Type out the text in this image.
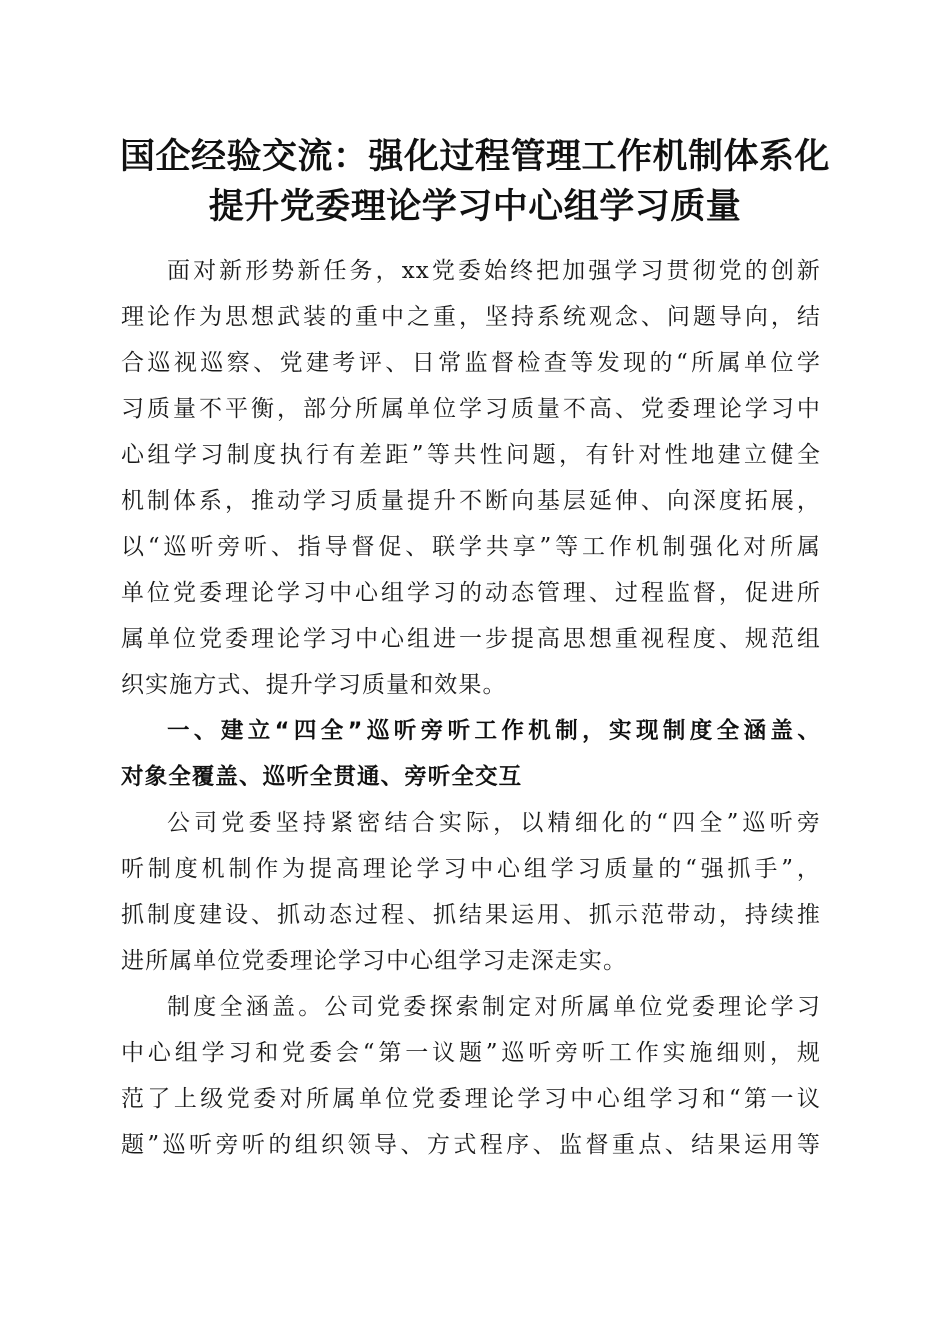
国企经验交流：强化过程管理工作机制体系化
提升党委理论学习中心组学习质量

面对新形势新任务，xx党委始终把加强学习贯彻党的创新
理论作为思想武装的重中之重，坚持系统观念、问题导向，结
合巡视巡察、党建考评、日常监督检查等发现的“所属单位学
习质量不平衡，部分所属单位学习质量不高、党委理论学习中
心组学习制度执行有差距”等共性问题，有针对性地建立健全
机制体系，推动学习质量提升不断向基层延伸、向深度拓展，
以“巡听旁听、指导督促、联学共享”等工作机制强化对所属
单位党委理论学习中心组学习的动态管理、过程监督，促进所
属单位党委理论学习中心组进一步提高思想重视程度、规范组
织实施方式、提升学习质量和效果。

一、建立“四全”巡听旁听工作机制，实现制度全涵盖、
对象全覆盖、巡听全贯通、旁听全交互

公司党委坚持紧密结合实际，以精细化的“四全”巡听旁
听制度机制作为提高理论学习中心组学习质量的“强抓手”，
抓制度建设、抓动态过程、抓结果运用、抓示范带动，持续推
进所属单位党委理论学习中心组学习走深走实。

制度全涵盖。公司党委探索制定对所属单位党委理论学习
中心组学习和党委会“第一议题”巡听旁听工作实施细则，规
范了上级党委对所属单位党委理论学习中心组学习和“第一议
题”巡听旁听的组织领导、方式程序、监督重点、结果运用等
